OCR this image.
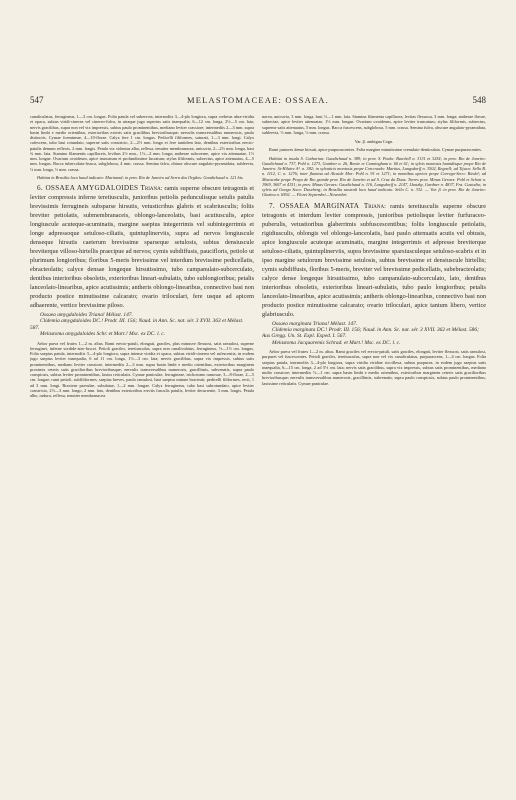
547	MELASTOMACEAE: OSSAEA.	548

canaliculatus, ferrugineus, 1—3 cm. longus. Folia patula vel suberecta, internodiis 3—4-plo longiora, supra crebrius ubra-viridia et opaca, subtus viridi-cinerea vel cinereo-fulva, in utraque jugo superius satis inaequalia, 6—12 cm. longa, 2½—5 cm. lata; nervis gracilibus, supra non vel vix impressis, subtus paulo prominentibus, mediano leviter crassiore; intermediis 2—3 mm. supra basin limbi e medio orientibus, exterioribus exteris satis gracilibus brevioribusque; nervulis transversalibus numerosis, paulo distinctis. Cymae foemineae, 4—10-florae. Calyx fere 1 cm. longus. Pedicelli filiformes, saturati, 1—3 mm. longi. Calyx cafescens, tubo basi rotundato, superne satis constricto, 2—2½ mm. longo et fere tantidem lato, dentibus exterioribus erecto-patulis demum reflexis, 2 mm. longis. Petala vix videntur alba, reflexa, tenuiter membranacea, unicuvia, 2—2½ mm. longa, basi ¾ mm. lata. Stamina filamentis capillaceis, levibus 2½ mm., 1½—2 mm. longa; antherae subcoerne, apice vix attenuatae, 1½ mm. longae. Ovarium ovoideum, apice truncatum et profundissime lucratum; stylus filiformis, subrectus, apice attenuatus, 4—5 mm. longus. Bacca tubercolata-frusca, subglobosa, 4 mm. crassa. Semina falva, obtuse obscure angulato-pyramidata, subleevia, ⅓ mm. longa, ⅓ mm. crassa.

Habitat in Brasilia loco haud indicato: Mariannd; in prov. Rio de Janeiro ad Serra dos Orgãos: Gaudichaud n. 121 bis.

6. OSSAEA AMYGDALOIDES Triana: ramis superne obscure tetragonis et leviter compressis inferne teretiusculis, junioribus petiolis pedunculisque setulis patulis brevissimis ferrugineis subsparse hirsutis, vetusticribus glabris et scabriusculis; foliis breviter petiolatis, submembranaceis, oblongo-lanceolatis, basi acutiusculis, apice longiuscule acuteque-acuminatis, margine saepius integerrimis vel subintegerrimis et longe adpressoque setuloso-ciliatis, quintuplinerviis, supra ad nervos longiuscule denseque hirsutis caeterum brevissime sparseque setulosis, subtus densiuscule breviterque villoso-hirtellis praecipue ad nervos; cymis subdiffusis, paucifloris, petiolo ut plurimum longioribus; floribus 5-meris brevissime vel interdum brevissime pedicellatis, ebracteolatis; calyce densae longeque hirsutissimo, tubo campanulato-subcerculato, dentibus interioribus obsoletis, exterioribus lineari-subulatis, tubo sublongioribus; petalis lanceolato-linearibus, apice acutissimis; antheris oblongo-linearibus, connectivo basi non producto postice minutissime calcarato; ovario triloculari, fere usque ad apicem adhaerente, vertice brevissime piloso.

Ossaea amygdaloides Triana! Mélast. 147.

Clidemia amygdaloides DC.! Prodr. III. 156; Naud. in Ann. Sc. nat. sér. 3 XVII. 363 et Mélast. 587.

Melastoma amygdaloides Schr. et Mart.! Msc. ex DC. l. c.

Arbor parva vel frutex 1—2 m. altus. Rami erecto-patuli, elongati, graciles, plus minusve flexuosi, satis ramulosi, superne ferruginei, inferne sordide-atro-fuscei. Petioli graciles, teretiusculus, supra non canaliculatus, ferrugineus, ½—1½ cm. longus. Folia saepius patula, internodiis 3—4-plo longiora, supra intense viridia et opaca, subtus viridi-cinerea vel rufescentia, in eodem jugo saepius leviter inaequalia, 6 ad 11 cm. longa, 1½—3 cm. lata; nervis gracilibus, supra vix impressis, subtus satis prominentibus, mediano leviter crassiore, intermediis 2—3 mm. supra basin limbi e medio orientibus, exterioribus marginem proximis ceteris satis gracilioribus brevioribusque; nervulis transversalibus numerosis, gracillimis, subvenatis, supra paulo conspicuis, subtus leviter prominentibus, laxius reticulatis. Cymae paniculae, ferrugineae, trichotomo ramosae, 3—8-florae, 2—5 cm. longae; rami petioli, subfiliformes, saepius breves, paulo ramulosi, basi saepius minute bracteati; pedicelli filiformes, recti, 1 ad 3 mm. longi. Bracteae parvulae, subulatae, 1—2 mm. longae. Calyx ferrugineus, tubo basi subrotundato, apice leviter constricto, 2½—3 mm. longo, 2 mm. lato, dentibus exterioribus erectis fusculis patulis, leviter decurrente, 3 mm. longis. Petala albo, rudura, reflexa, tenuiter membranacea.

nacea, unicuvia, 3 mm. longa, basi ⅓—1 mm. lata. Stamina filamenta capillacea, levitas flexuosa, 3 mm. longa; antherae flavae, subrectae, apice leviter attenuatae, 1½ mm. longae. Ovarium ovoideum, apice leviter truncatum; stylus filiformis, subrectus, supreme satis attenuatus, 5 mm. longus. Bacca fuscescens, subglobosa, 5 mm. crassa. Semina fulva, obscure angulato-pyramidata, subleevia, ⅓ mm. longa, ⅓ mm. crassa.

Var. β. ambigua Cogn.

Rami juniores dense hirsuti, apice purpurascentes. Folia margine minutissime crenulato-denticulata. Cymae purpurascentes.

Habitat in insula S. Catharina: Gaudichaud n. 389; in prov. S. Paulo: Burchell n. 3131 et 3254; in prov. Rio de Janeiro: Gaudichaud n. 737, Pohl n. 1273, Gardner n. 26, Bowie et Cunningham n. 60 et 61; in sylvis montosis humidisque prope Rio de Janeiro: St-Hilaire A¹. n. 382; in sylvaticis montosis prope Corcovado: Martius, Langsdorff n. 3502, Regnell; ad Tijuca: Sello B. n. 1112, C. n. 1276; inter flumina ad Alcaide Mor: Pohl n. 91 et 1271; in montibus apricis prope Corrego-Seco: Riedel; ad Macacahe prope Praya de Rio grande prov. Rio de Janeiro et ad S. Cruz da Duas. Torres prov. Minas Geraes: Pohl et Schott n. 1969, 3607 et 4151; in prov. Minas Geraes: Gaudichaud n. 116, Langsdorff n. 2147, Lhotzky, Gardner n. 4837, Fra. Custodio; in sylvis ad Gongo Soco: Duseberg; in Brasilia australi loco haud indicato: Sello C. n. 332. — Var. β. in prov. Rio de Janeiro: Glaziou n. 6592. — Floret Septembri—Novembri.

7. OSSAEA MARGINATA Triana: ramis teretiusculis superne obscure tetragonis et interdum leviter compressis, junioribus petiolisque leviter furfuraceo-puberulis, vetustioribus glaberrimis subfuscescentibus; foliis longiuscule petiolatis, rigidiusculis, oblongis vel oblongo-lanceolatis, basi paulo attenuatis acutis vel obtusis, apice longiuscule acuteque acuminatis, margine integerrimis et adpresse breviterque setuloso-ciliatis, quintuplinerviis, supra brevissime sparsiusculeque setuloso-scabris et in ipso margine setulorum brevissime setulosis, subtus brevissime et densiuscule hirtellis; cymis subdiffusis, floribus 5-meris, breviter vel brevissime pedicellatis, subebracteolatis; calyce dense longeque hirsutissimo, tubo campanulato-subcerculato, lato, dentibus interioribus obsoletis, exterioribus lineari-subulatis, tubo paulo longioribus; petalis lanceolato-linearibus, apice acutissimis; antheris oblongo-linearibus, connectivo basi non producto postice minutissime calcarato; ovario triloculari, apice tantum libero, vertice glabriusculo.

Ossaea marginata Triana! Mélast. 147.

Clidemia marginata DC.! Prodr. III. 156; Naud. in Ann. Sc. nat. sér. 3 XVII. 362 et Mélast. 586; Aas Gregg. Un. St. Expl. Exped. I. 567.

Melastoma Jacquaremis Schrad. et Mart.! Msc. ex DC. l. c.

Arbor parva vel frutex 1—2 m. altus. Rami graciles vel erecto-patuli, satis graciles, elongati, leviter flexuosi, satis ramulosi, purpurei vel fuscescentes. Petioli graciles, teretiusculus, supra non vel vix canaliculatus, purpurascens, 1—4 cm. longus. Folia saepius patula, internodiis 3—4-plo longiora, supra viridia viridiae sicciflexa, subtus purpurea, in eodem jugo saepius satis inaequalia, 6—15 cm. longa, 2 ad 5½ cm. lata; nervis satis gracilibus, supra vix impressis, subtus satis prominentibus, mediano multo crassiore; intermediis ½—1 cm. supra basin limbi e medio orientibus, exterioribus marginem ceteris satis gracilioribus brevioribusque; nervulis transversalibus numerosis, gracillimis, subvenatis, supra paulo conspicuis, subtus paulo prominentibus, laxissime reticulatis. Cymae paniculae.
